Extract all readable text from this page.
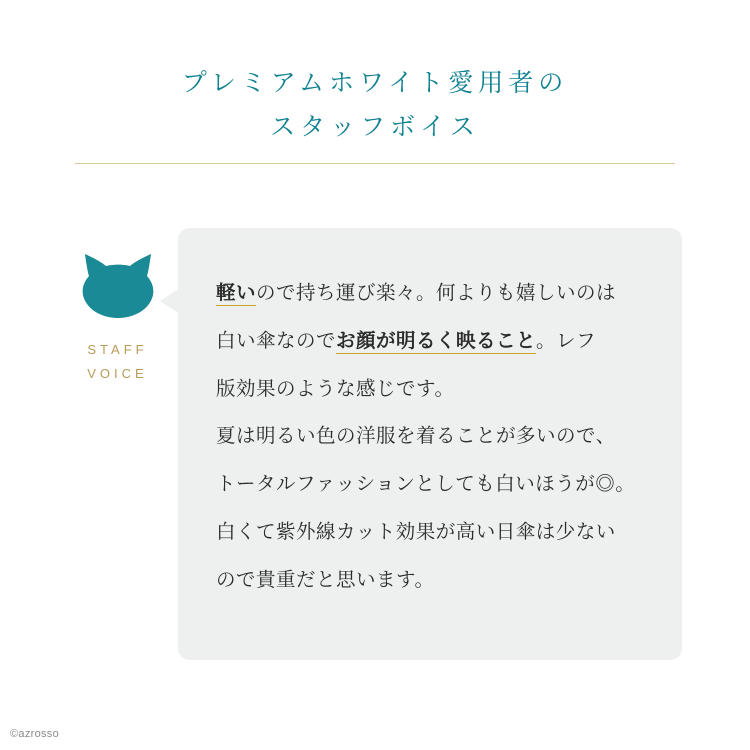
プレミアムホワイト愛用者の
スタッフボイス
STAFF
VOICE

軽いので持ち運び楽々。何よりも嬉しいのは

白い傘なのでお顔が明るく映ること。レフ

版効果のような感じです。

夏は明るい色の洋服を着ることが多いので、

トータルファッションとしても白いほうが◎。

白くて紫外線カット効果が高い日傘は少ない

ので貴重だと思います。

©azrosso
